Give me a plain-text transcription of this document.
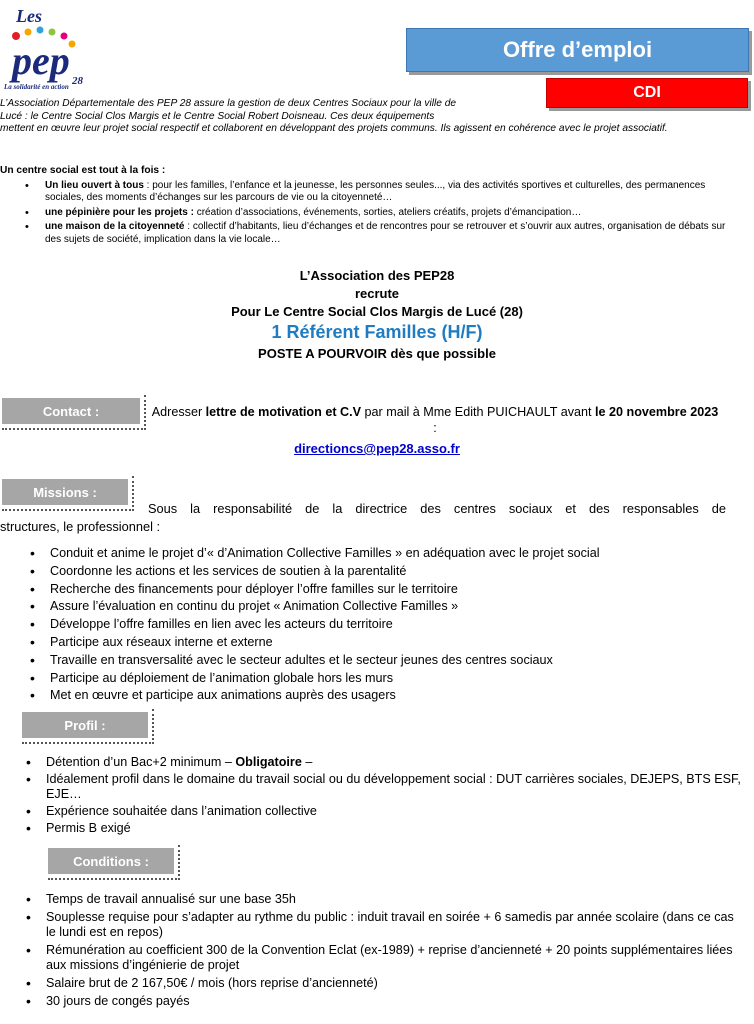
Les
pep 28
La solidarité en action
Offre d’emploi
CDI

L’Association Départementale des PEP 28 assure la gestion de deux Centres Sociaux pour la ville de

Lucé : le Centre Social Clos Margis et le Centre Social Robert Doisneau. Ces deux équipements

mettent en œuvre leur projet social respectif et collaborent en développant des projets communs. Ils agissent en cohérence avec le projet associatif.

Un centre social est tout à la fois :
• Un lieu ouvert à tous : pour les familles, l’enfance et la jeunesse, les personnes seules..., via des activités sportives et culturelles, des permanences sociales, des moments d’échanges sur les parcours de vie ou la citoyenneté…
• une pépinière pour les projets : création d’associations, événements, sorties, ateliers créatifs, projets d’émancipation…
• une maison de la citoyenneté : collectif d’habitants, lieu d’échanges et de rencontres pour se retrouver et s’ouvrir aux autres, organisation de débats sur des sujets de société, implication dans la vie locale…
L’Association des PEP28
recrute
Pour Le Centre Social Clos Margis de Lucé (28)
1 Référent Familles (H/F)
POSTE A POURVOIR dès que possible
Contact :	Adresser lettre de motivation et C.V par mail à Mme Edith PUICHAULT avant le 20 novembre 2023 :
directioncs@pep28.asso.fr
Missions :
Sous la responsabilité de la directrice des centres sociaux et des responsables de
structures, le professionnel :
• Conduit et anime le projet d’« d’Animation Collective Familles » en adéquation avec le projet social
• Coordonne les actions et les services de soutien à la parentalité
• Recherche des financements pour déployer l’offre familles sur le territoire
• Assure l’évaluation en continu du projet « Animation Collective Familles »
• Développe l’offre familles en lien avec les acteurs du territoire
• Participe aux réseaux interne et externe
• Travaille en transversalité avec le secteur adultes et le secteur jeunes des centres sociaux
• Participe au déploiement de l’animation globale hors les murs
• Met en œuvre et participe aux animations auprès des usagers
Profil :
• Détention d’un Bac+2 minimum – Obligatoire –
• Idéalement profil dans le domaine du travail social ou du développement social : DUT carrières sociales, DEJEPS, BTS ESF, EJE…
• Expérience souhaitée dans l’animation collective
• Permis B exigé
Conditions :
• Temps de travail annualisé sur une base 35h
• Souplesse requise pour s’adapter au rythme du public : induit travail en soirée + 6 samedis par année scolaire (dans ce cas le lundi est en repos)
• Rémunération au coefficient 300 de la Convention Eclat (ex-1989) + reprise d’ancienneté + 20 points supplémentaires liées aux missions d’ingénierie de projet
• Salaire brut de 2 167,50€ / mois (hors reprise d’ancienneté)
• 30 jours de congés payés
